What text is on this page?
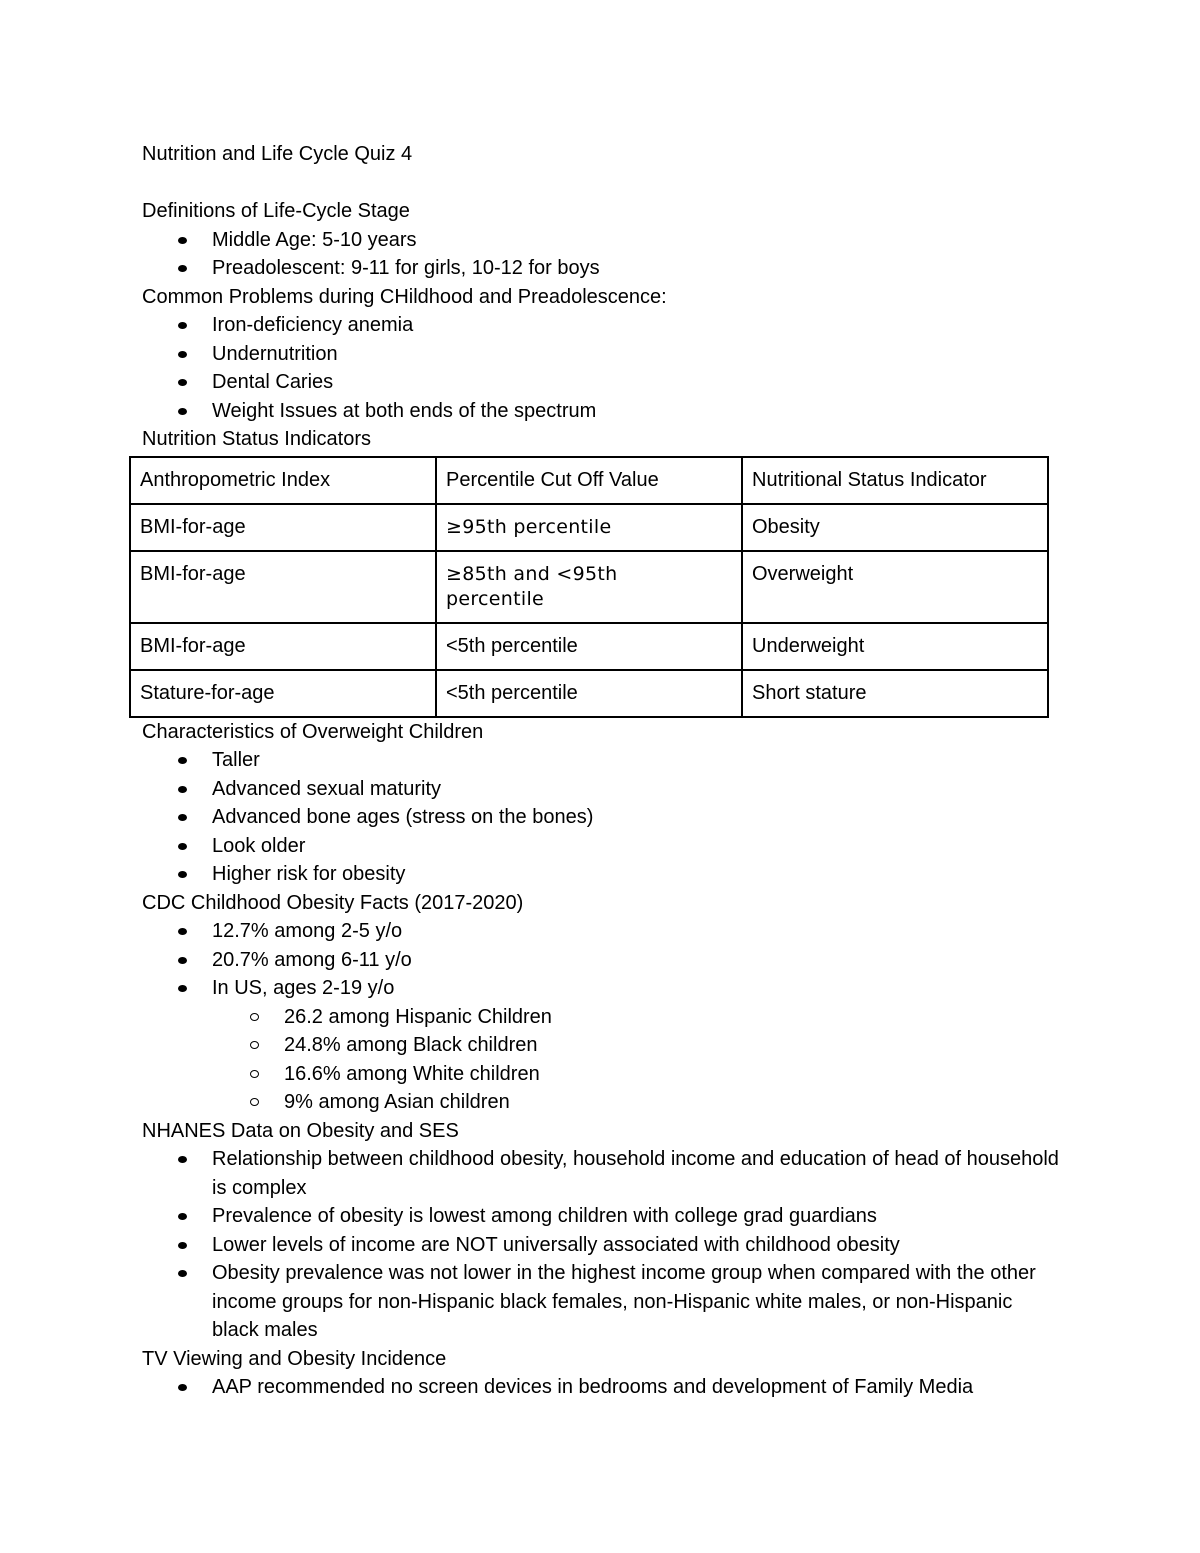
Nutrition and Life Cycle Quiz 4
Definitions of Life-Cycle Stage
Middle Age: 5-10 years
Preadolescent: 9-11 for girls, 10-12 for boys
Common Problems during CHildhood and Preadolescence:
Iron-deficiency anemia
Undernutrition
Dental Caries
Weight Issues at both ends of the spectrum
Nutrition Status Indicators
Anthropometric Index	Percentile Cut Off Value	Nutritional Status Indicator
BMI-for-age	≥95th percentile	Obesity
BMI-for-age	≥85th and <95th percentile	Overweight
BMI-for-age	<5th percentile	Underweight
Stature-for-age	<5th percentile	Short stature
Characteristics of Overweight Children
Taller
Advanced sexual maturity
Advanced bone ages (stress on the bones)
Look older
Higher risk for obesity
CDC Childhood Obesity Facts (2017-2020)
12.7% among 2-5 y/o
20.7% among 6-11 y/o
In US, ages 2-19 y/o
26.2 among Hispanic Children
24.8% among Black children
16.6% among White children
9% among Asian children
NHANES Data on Obesity and SES
Relationship between childhood obesity, household income and education of head of household is complex
Prevalence of obesity is lowest among children with college grad guardians
Lower levels of income are NOT universally associated with childhood obesity
Obesity prevalence was not lower in the highest income group when compared with the other income groups for non-Hispanic black females, non-Hispanic white males, or non-Hispanic black males
TV Viewing and Obesity Incidence
AAP recommended no screen devices in bedrooms and development of Family Media
